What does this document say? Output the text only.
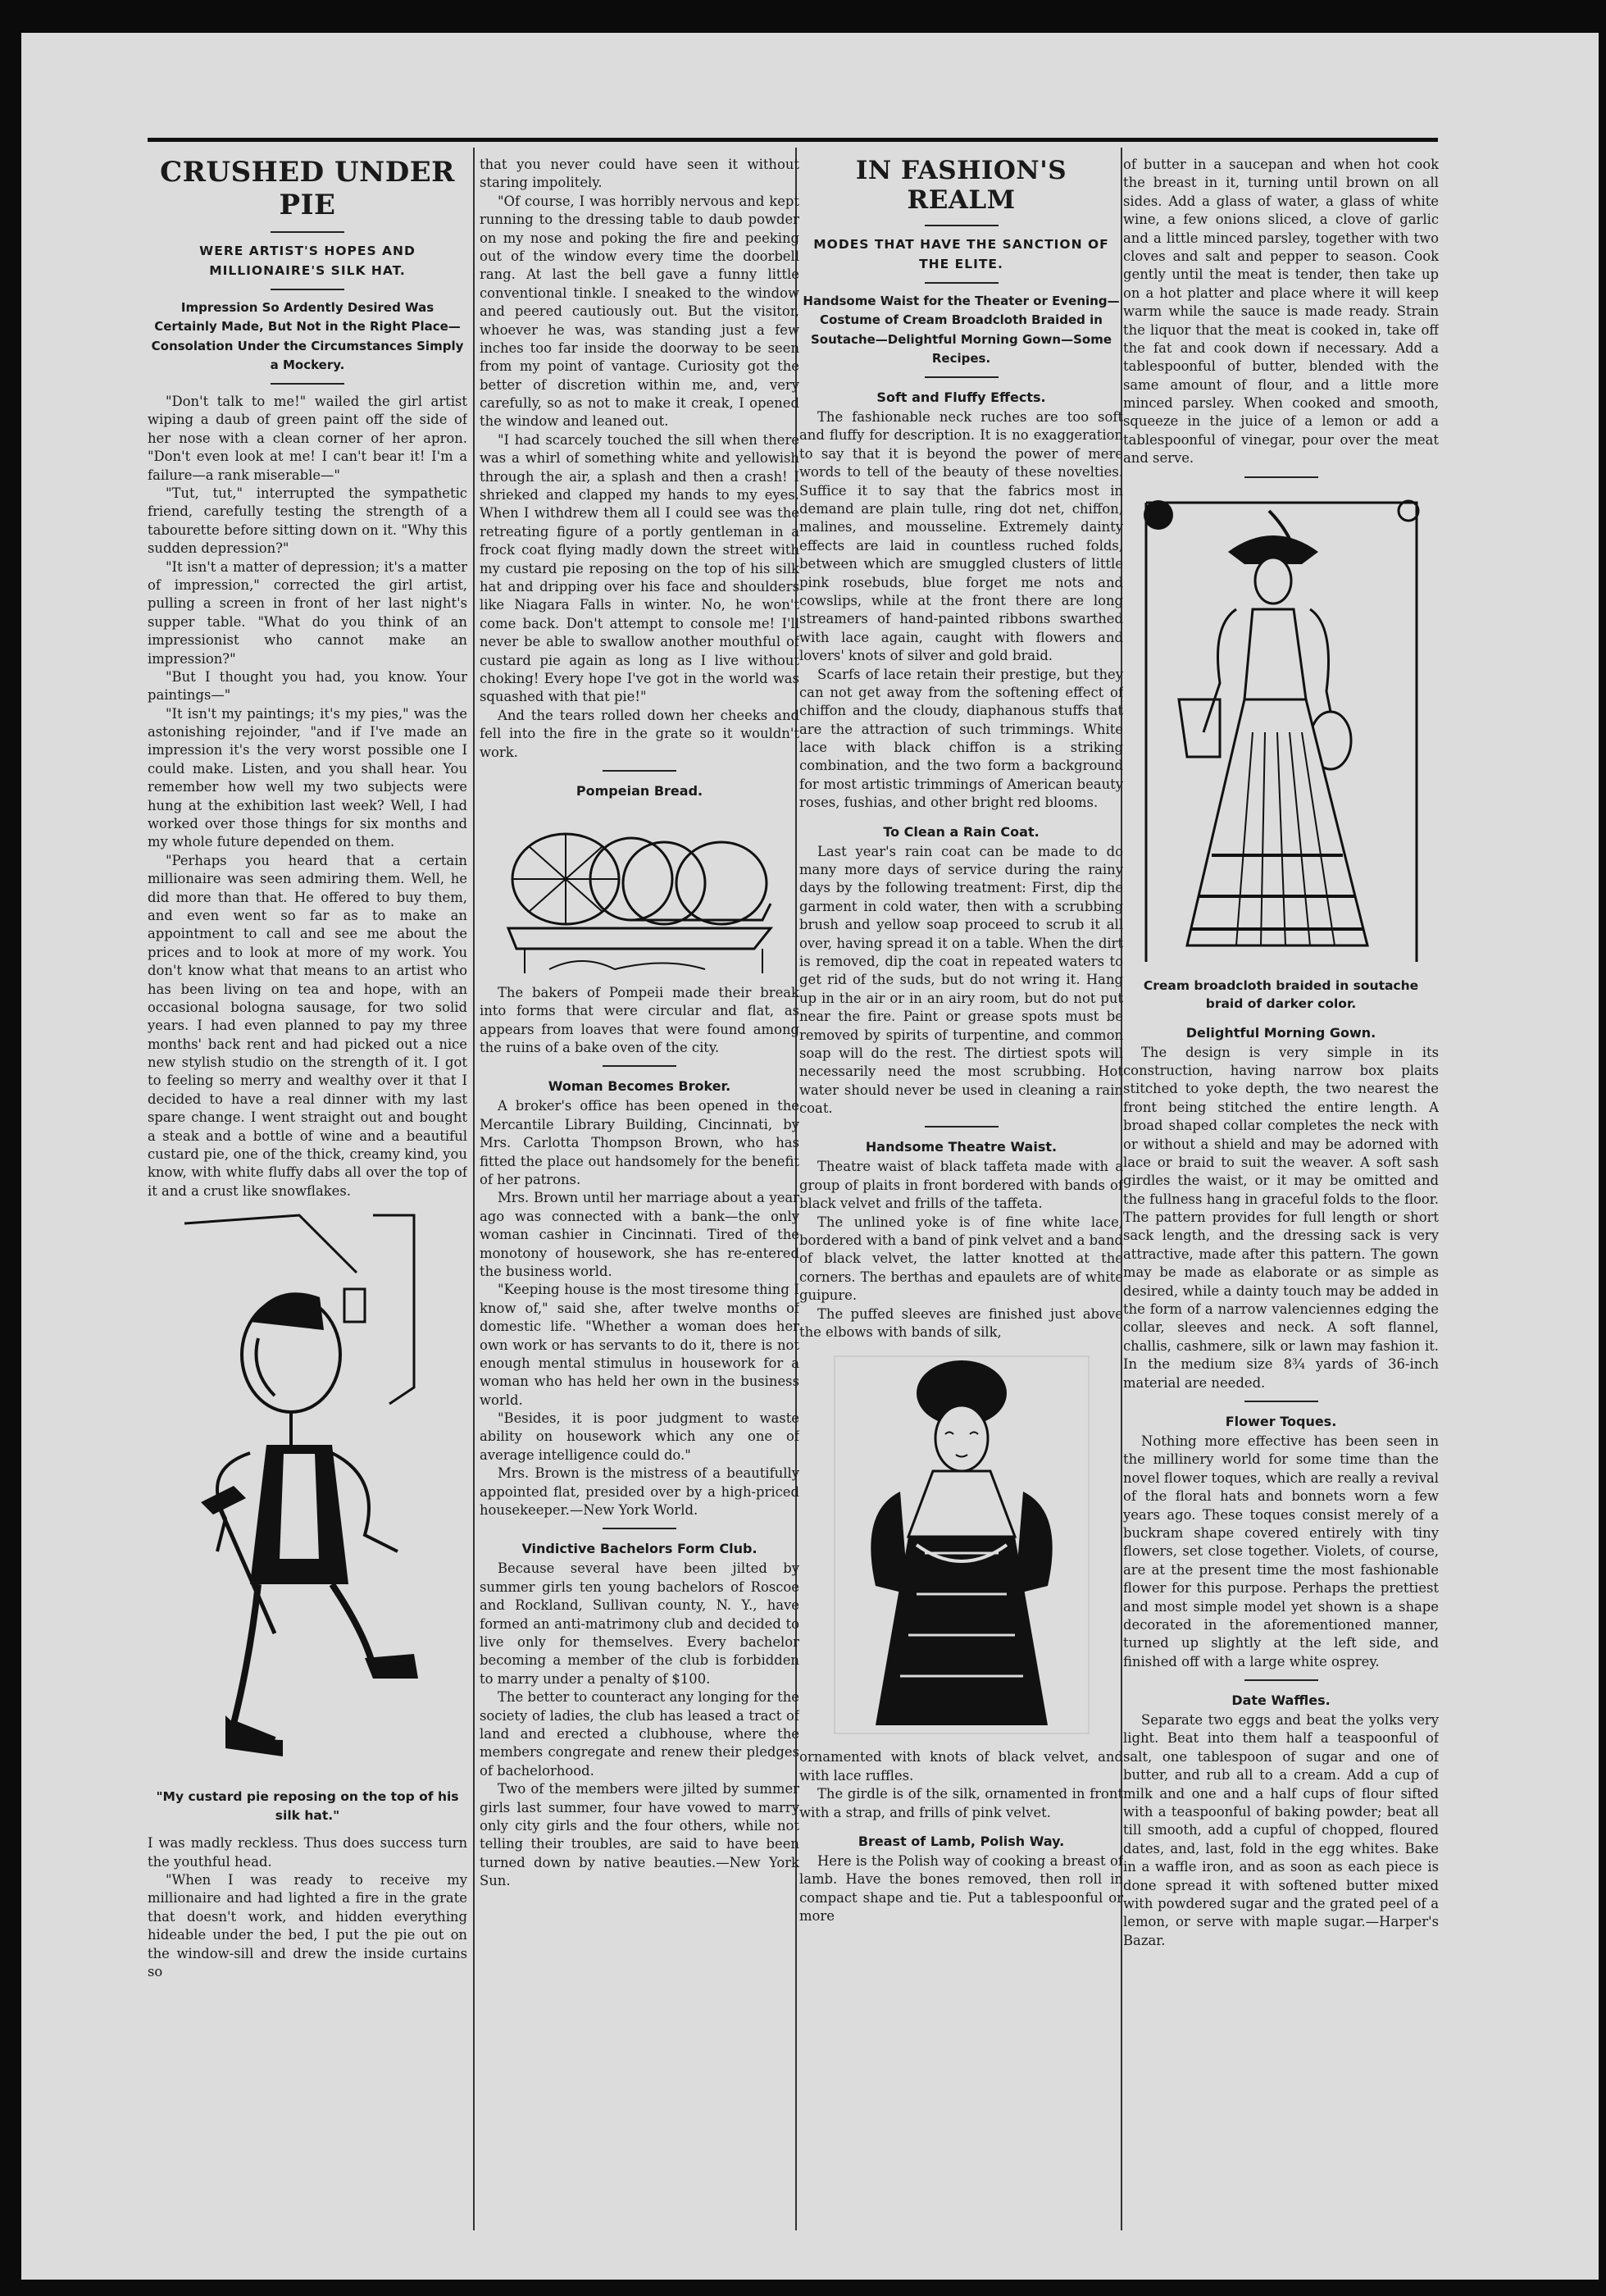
CRUSHED UNDER PIE
WERE ARTIST'S HOPES AND MILLIONAIRE'S SILK HAT.
Impression So Ardently Desired Was Certainly Made, But Not in the Right Place—Consolation Under the Circumstances Simply a Mockery.

"Don't talk to me!" wailed the girl artist wiping a daub of green paint off the side of her nose with a clean corner of her apron. "Don't even look at me! I can't bear it! I'm a failure—a rank miserable—"

"Tut, tut," interrupted the sympathetic friend, carefully testing the strength of a tabourette before sitting down on it. "Why this sudden depression?"

"It isn't a matter of depression; it's a matter of impression," corrected the girl artist, pulling a screen in front of her last night's supper table. "What do you think of an impressionist who cannot make an impression?"

"But I thought you had, you know. Your paintings—"

"It isn't my paintings; it's my pies," was the astonishing rejoinder, "and if I've made an impression it's the very worst possible one I could make. Listen, and you shall hear. You remember how well my two subjects were hung at the exhibition last week? Well, I had worked over those things for six months and my whole future depended on them.

"Perhaps you heard that a certain millionaire was seen admiring them. Well, he did more than that. He offered to buy them, and even went so far as to make an appointment to call and see me about the prices and to look at more of my work. You don't know what that means to an artist who has been living on tea and hope, with an occasional bologna sausage, for two solid years. I had even planned to pay my three months' back rent and had picked out a nice new stylish studio on the strength of it. I got to feeling so merry and wealthy over it that I decided to have a real dinner with my last spare change. I went straight out and bought a steak and a bottle of wine and a beautiful custard pie, one of the thick, creamy kind, you know, with white fluffy dabs all over the top of it and a crust like snowflakes.

"My custard pie reposing on the top of his silk hat."

I was madly reckless. Thus does success turn the youthful head.

"When I was ready to receive my millionaire and had lighted a fire in the grate that doesn't work, and hidden everything hideable under the bed, I put the pie out on the window-sill and drew the inside curtains so

that you never could have seen it without staring impolitely.

"Of course, I was horribly nervous and kept running to the dressing table to daub powder on my nose and poking the fire and peeking out of the window every time the doorbell rang. At last the bell gave a funny little conventional tinkle. I sneaked to the window and peered cautiously out. But the visitor, whoever he was, was standing just a few inches too far inside the doorway to be seen from my point of vantage. Curiosity got the better of discretion within me, and, very carefully, so as not to make it creak, I opened the window and leaned out.

"I had scarcely touched the sill when there was a whirl of something white and yellowish through the air, a splash and then a crash! I shrieked and clapped my hands to my eyes. When I withdrew them all I could see was the retreating figure of a portly gentleman in a frock coat flying madly down the street with my custard pie reposing on the top of his silk hat and dripping over his face and shoulders like Niagara Falls in winter. No, he won't come back. Don't attempt to console me! I'll never be able to swallow another mouthful of custard pie again as long as I live without choking! Every hope I've got in the world was squashed with that pie!"

And the tears rolled down her cheeks and fell into the fire in the grate so it wouldn't work.

Pompeian Bread.

The bakers of Pompeii made their break into forms that were circular and flat, as appears from loaves that were found among the ruins of a bake oven of the city.

Woman Becomes Broker.

A broker's office has been opened in the Mercantile Library Building, Cincinnati, by Mrs. Carlotta Thompson Brown, who has fitted the place out handsomely for the benefit of her patrons.

Mrs. Brown until her marriage about a year ago was connected with a bank—the only woman cashier in Cincinnati. Tired of the monotony of housework, she has re-entered the business world.

"Keeping house is the most tiresome thing I know of," said she, after twelve months of domestic life. "Whether a woman does her own work or has servants to do it, there is not enough mental stimulus in housework for a woman who has held her own in the business world.

"Besides, it is poor judgment to waste ability on housework which any one of average intelligence could do."

Mrs. Brown is the mistress of a beautifully appointed flat, presided over by a high-priced housekeeper.—New York World.

Vindictive Bachelors Form Club.

Because several have been jilted by summer girls ten young bachelors of Roscoe and Rockland, Sullivan county, N. Y., have formed an anti-matrimony club and decided to live only for themselves. Every bachelor becoming a member of the club is forbidden to marry under a penalty of $100.

The better to counteract any longing for the society of ladies, the club has leased a tract of land and erected a clubhouse, where the members congregate and renew their pledges of bachelorhood.

Two of the members were jilted by summer girls last summer, four have vowed to marry only city girls and the four others, while not telling their troubles, are said to have been turned down by native beauties.—New York Sun.

IN FASHION'S REALM
MODES THAT HAVE THE SANCTION OF THE ELITE.
Handsome Waist for the Theater or Evening—Costume of Cream Broadcloth Braided in Soutache—Delightful Morning Gown—Some Recipes.
Soft and Fluffy Effects.

The fashionable neck ruches are too soft and fluffy for description. It is no exaggeration to say that it is beyond the power of mere words to tell of the beauty of these novelties. Suffice it to say that the fabrics most in demand are plain tulle, ring dot net, chiffon, malines, and mousseline. Extremely dainty effects are laid in countless ruched folds, between which are smuggled clusters of little pink rosebuds, blue forget me nots and cowslips, while at the front there are long streamers of hand-painted ribbons swarthed with lace again, caught with flowers and lovers' knots of silver and gold braid.

Scarfs of lace retain their prestige, but they can not get away from the softening effect of chiffon and the cloudy, diaphanous stuffs that are the attraction of such trimmings. White lace with black chiffon is a striking combination, and the two form a background for most artistic trimmings of American beauty roses, fushias, and other bright red blooms.

To Clean a Rain Coat.

Last year's rain coat can be made to do many more days of service during the rainy days by the following treatment: First, dip the garment in cold water, then with a scrubbing brush and yellow soap proceed to scrub it all over, having spread it on a table. When the dirt is removed, dip the coat in repeated waters to get rid of the suds, but do not wring it. Hang up in the air or in an airy room, but do not put near the fire. Paint or grease spots must be removed by spirits of turpentine, and common soap will do the rest. The dirtiest spots will necessarily need the most scrubbing. Hot water should never be used in cleaning a rain coat.

Handsome Theatre Waist.

Theatre waist of black taffeta made with a group of plaits in front bordered with bands of black velvet and frills of the taffeta.

The unlined yoke is of fine white lace, bordered with a band of pink velvet and a band of black velvet, the latter knotted at the corners. The berthas and epaulets are of white guipure.

The puffed sleeves are finished just above the elbows with bands of silk,

ornamented with knots of black velvet, and with lace ruffles.

The girdle is of the silk, ornamented in front with a strap, and frills of pink velvet.

Breast of Lamb, Polish Way.

Here is the Polish way of cooking a breast of lamb. Have the bones removed, then roll in compact shape and tie. Put a tablespoonful or more

of butter in a saucepan and when hot cook the breast in it, turning until brown on all sides. Add a glass of water, a glass of white wine, a few onions sliced, a clove of garlic and a little minced parsley, together with two cloves and salt and pepper to season. Cook gently until the meat is tender, then take up on a hot platter and place where it will keep warm while the sauce is made ready. Strain the liquor that the meat is cooked in, take off the fat and cook down if necessary. Add a tablespoonful of butter, blended with the same amount of flour, and a little more minced parsley. When cooked and smooth, squeeze in the juice of a lemon or add a tablespoonful of vinegar, pour over the meat and serve.

Cream broadcloth braided in soutache braid of darker color.
Delightful Morning Gown.

The design is very simple in its construction, having narrow box plaits stitched to yoke depth, the two nearest the front being stitched the entire length. A broad shaped collar completes the neck with or without a shield and may be adorned with lace or braid to suit the weaver. A soft sash girdles the waist, or it may be omitted and the fullness hang in graceful folds to the floor. The pattern provides for full length or short sack length, and the dressing sack is very attractive, made after this pattern. The gown may be made as elaborate or as simple as desired, while a dainty touch may be added in the form of a narrow valenciennes edging the collar, sleeves and neck. A soft flannel, challis, cashmere, silk or lawn may fashion it. In the medium size 8¾ yards of 36-inch material are needed.

Flower Toques.

Nothing more effective has been seen in the millinery world for some time than the novel flower toques, which are really a revival of the floral hats and bonnets worn a few years ago. These toques consist merely of a buckram shape covered entirely with tiny flowers, set close together. Violets, of course, are at the present time the most fashionable flower for this purpose. Perhaps the prettiest and most simple model yet shown is a shape decorated in the aforementioned manner, turned up slightly at the left side, and finished off with a large white osprey.

Date Waffles.

Separate two eggs and beat the yolks very light. Beat into them half a teaspoonful of salt, one tablespoon of sugar and one of butter, and rub all to a cream. Add a cup of milk and one and a half cups of flour sifted with a teaspoonful of baking powder; beat all till smooth, add a cupful of chopped, floured dates, and, last, fold in the egg whites. Bake in a waffle iron, and as soon as each piece is done spread it with softened butter mixed with powdered sugar and the grated peel of a lemon, or serve with maple sugar.—Harper's Bazar.
